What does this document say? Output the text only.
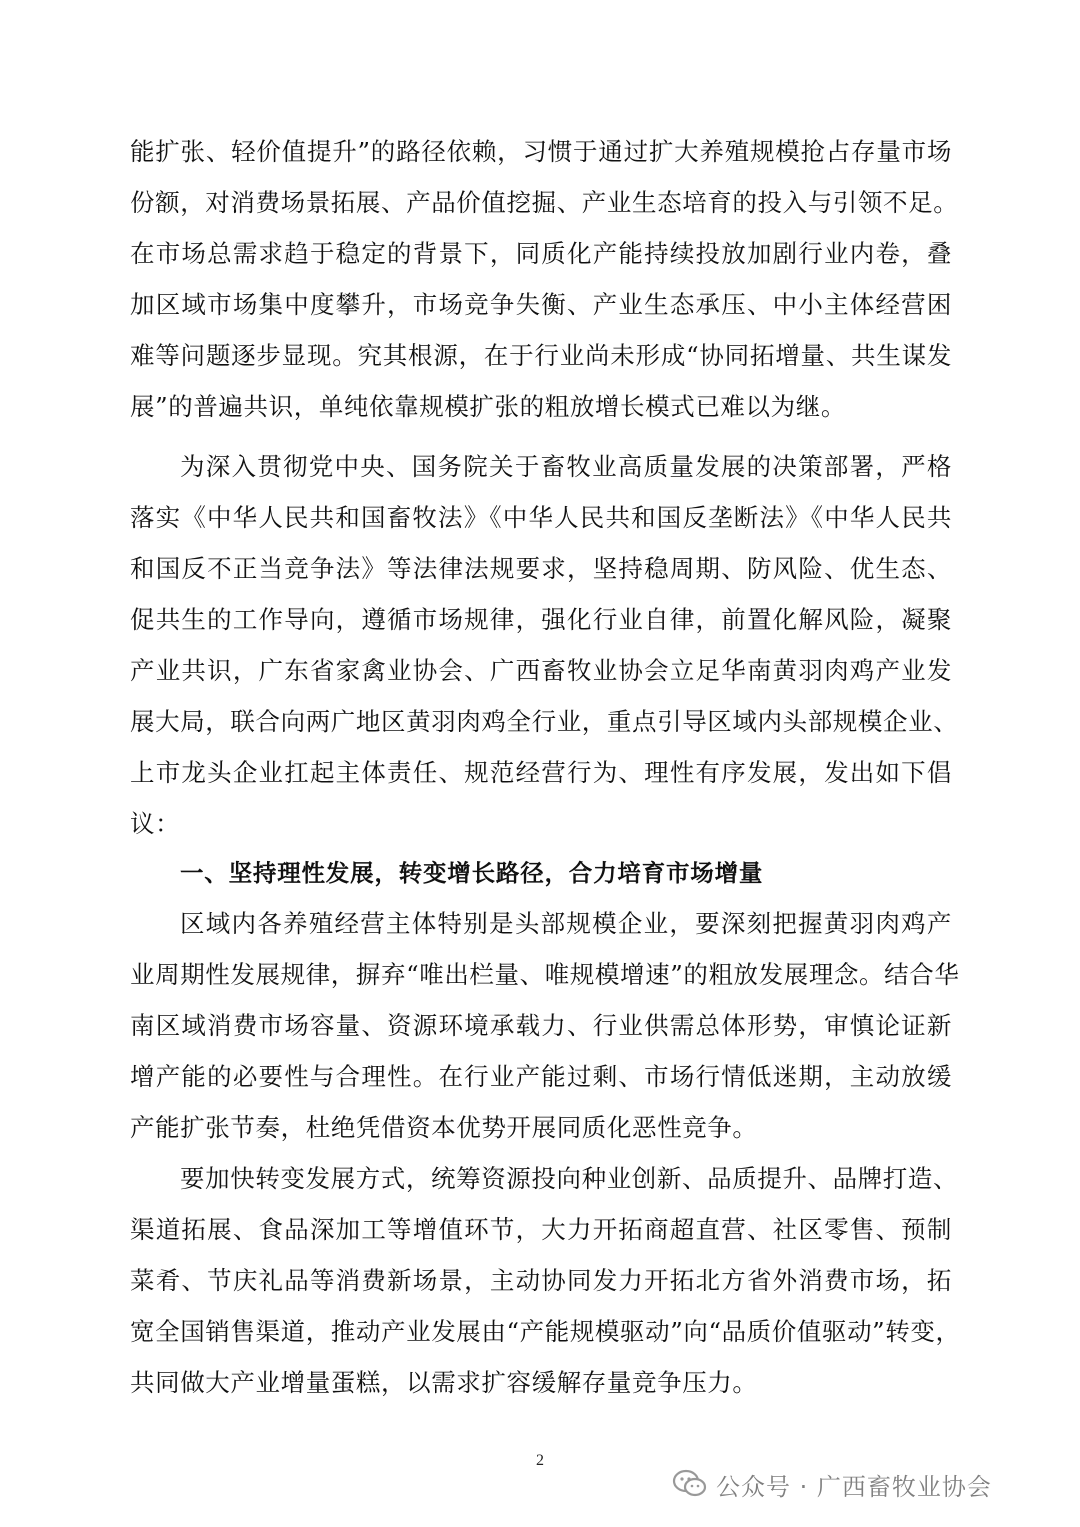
能扩张、轻价值提升”的路径依赖，习惯于通过扩大养殖规模抢占存量市场
份额，对消费场景拓展、产品价值挖掘、产业生态培育的投入与引领不足。
在市场总需求趋于稳定的背景下，同质化产能持续投放加剧行业内卷，叠
加区域市场集中度攀升，市场竞争失衡、产业生态承压、中小主体经营困
难等问题逐步显现。究其根源，在于行业尚未形成“协同拓增量、共生谋发
展”的普遍共识，单纯依靠规模扩张的粗放增长模式已难以为继。
为深入贯彻党中央、国务院关于畜牧业高质量发展的决策部署，严格
落实《中华人民共和国畜牧法》《中华人民共和国反垄断法》《中华人民共
和国反不正当竞争法》等法律法规要求，坚持稳周期、防风险、优生态、
促共生的工作导向，遵循市场规律，强化行业自律，前置化解风险，凝聚
产业共识，广东省家禽业协会、广西畜牧业协会立足华南黄羽肉鸡产业发
展大局，联合向两广地区黄羽肉鸡全行业，重点引导区域内头部规模企业、
上市龙头企业扛起主体责任、规范经营行为、理性有序发展，发出如下倡
议：
一、坚持理性发展，转变增长路径，合力培育市场增量
区域内各养殖经营主体特别是头部规模企业，要深刻把握黄羽肉鸡产
业周期性发展规律，摒弃“唯出栏量、唯规模增速”的粗放发展理念。结合华
南区域消费市场容量、资源环境承载力、行业供需总体形势，审慎论证新
增产能的必要性与合理性。在行业产能过剩、市场行情低迷期，主动放缓
产能扩张节奏，杜绝凭借资本优势开展同质化恶性竞争。
要加快转变发展方式，统筹资源投向种业创新、品质提升、品牌打造、
渠道拓展、食品深加工等增值环节，大力开拓商超直营、社区零售、预制
菜肴、节庆礼品等消费新场景，主动协同发力开拓北方省外消费市场，拓
宽全国销售渠道，推动产业发展由“产能规模驱动”向“品质价值驱动”转变，
共同做大产业增量蛋糕，以需求扩容缓解存量竞争压力。
2
公众号 · 广西畜牧业协会
